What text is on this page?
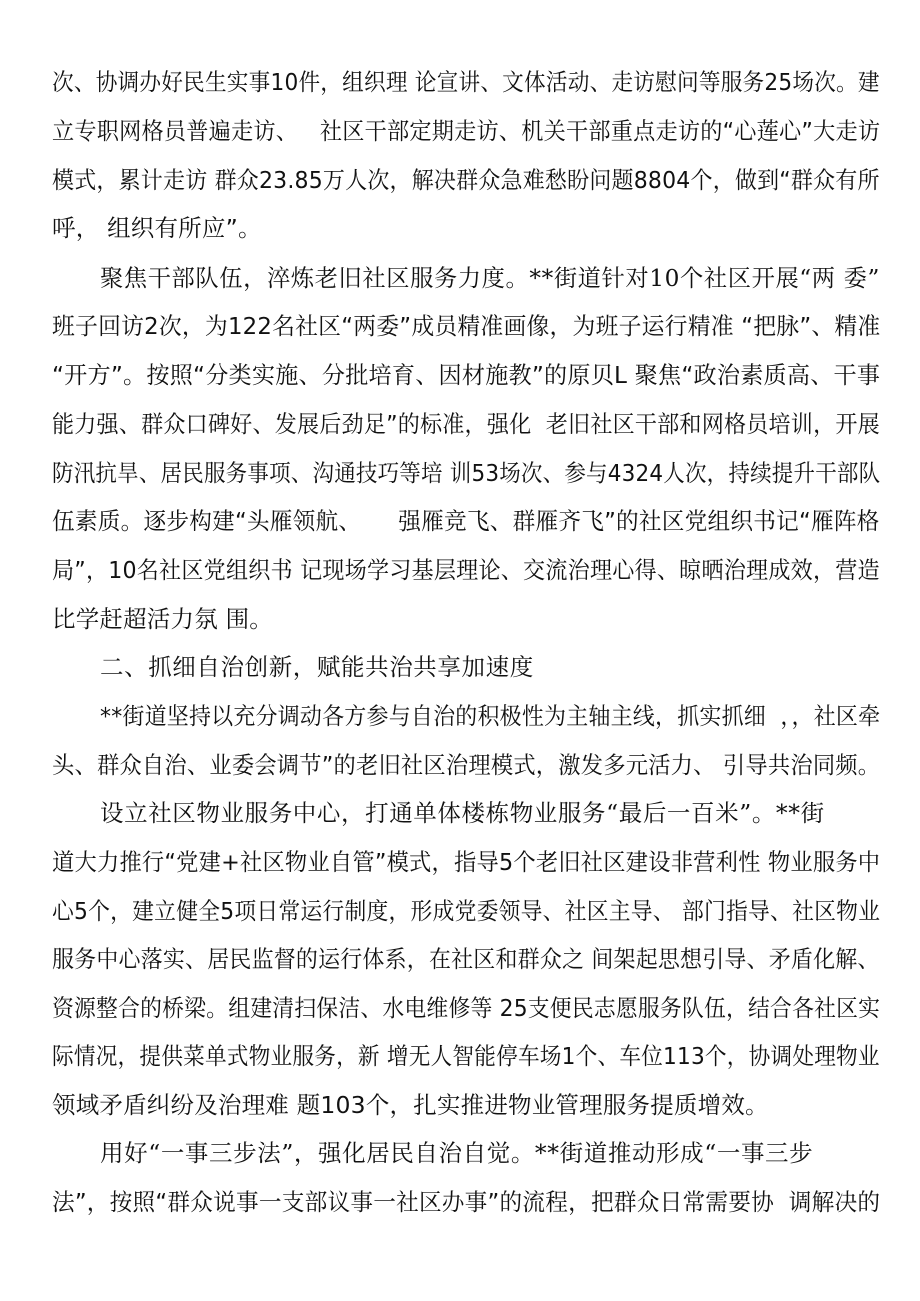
次、协调办好民生实事10件，组织理 论宣讲、文体活动、走访慰问等服务25场次。建
立专职网格员普遍走访、   社区干部定期走访、机关干部重点走访的“心莲心”大走访
模式，累计走访 群众23.85万人次，解决群众急难愁盼问题8804个，做到“群众有所
呼， 组织有所应”。
聚焦干部队伍，淬炼老旧社区服务力度。**街道针对10个社区开展“两 委”
班子回访2次，为122名社区“两委”成员精准画像，为班子运行精准 “把脉”、精准
“开方”。按照“分类实施、分批培育、因材施教”的原贝L 聚焦“政治素质高、干事
能力强、群众口碑好、发展后劲足”的标准，强化  老旧社区干部和网格员培训，开展
防汛抗旱、居民服务事项、沟通技巧等培 训53场次、参与4324人次，持续提升干部队
伍素质。逐步构建“头雁领航、     强雁竞飞、群雁齐飞”的社区党组织书记“雁阵格
局”，10名社区党组织书 记现场学习基层理论、交流治理心得、晾晒治理成效，营造
比学赶超活力氛 围。
二、抓细自治创新，赋能共治共享加速度
**街道坚持以充分调动各方参与自治的积极性为主轴主线，抓实抓细  ，，社区牵
头、群众自治、业委会调节”的老旧社区治理模式，激发多元活力、 引导共治同频。
设立社区物业服务中心，打通单体楼栋物业服务“最后一百米”。**街
道大力推行“党建+社区物业自管”模式，指导5个老旧社区建设非营利性 物业服务中
心5个，建立健全5项日常运行制度，形成党委领导、社区主导、 部门指导、社区物业
服务中心落实、居民监督的运行体系，在社区和群众之 间架起思想引导、矛盾化解、
资源整合的桥梁。组建清扫保洁、水电维修等 25支便民志愿服务队伍，结合各社区实
际情况，提供菜单式物业服务，新 增无人智能停车场1个、车位113个，协调处理物业
领域矛盾纠纷及治理难 题103个，扎实推进物业管理服务提质增效。
用好“一事三步法”，强化居民自治自觉。**街道推动形成“一事三步
法”，按照“群众说事一支部议事一社区办事”的流程，把群众日常需要协  调解决的
